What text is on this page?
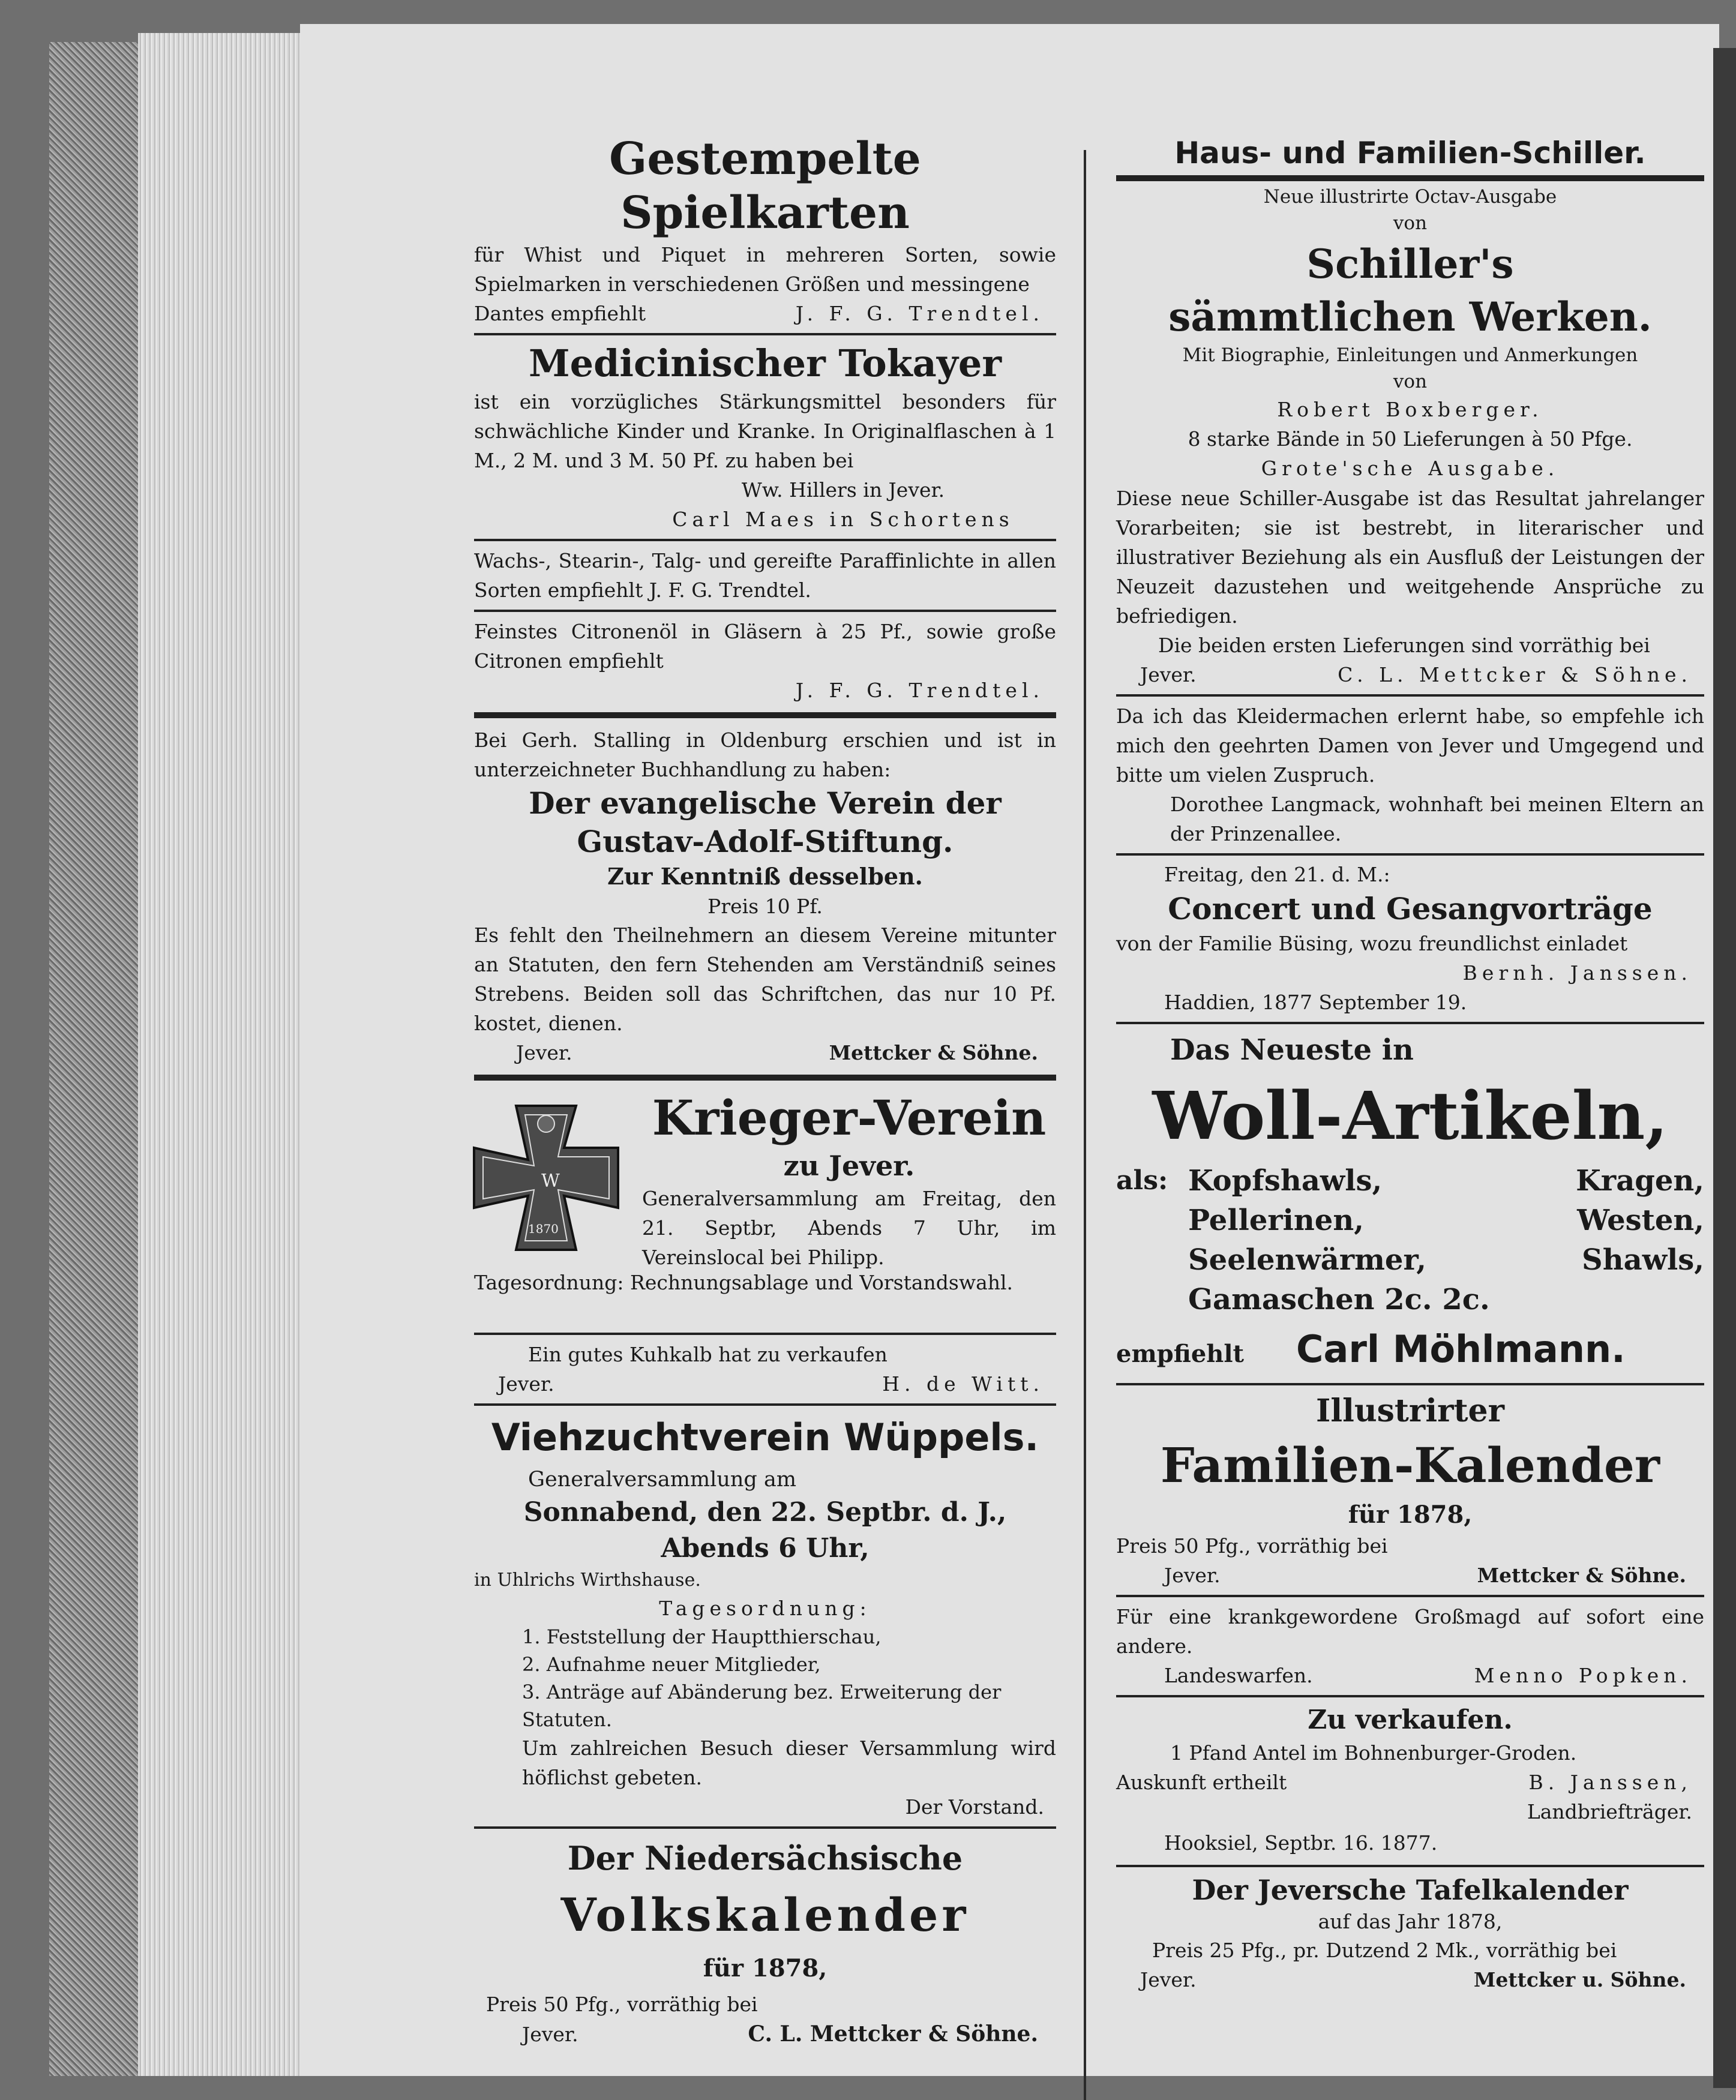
Gestempelte Spielkarten

für Whist und Piquet in mehreren Sorten, sowie Spielmarken in verschiedenen Größen und messingene

Dantes empfiehlt	J. F. G. Trendtel.
Medicinischer Tokayer

ist ein vorzügliches Stärkungsmittel besonders für schwächliche Kinder und Kranke. In Originalflaschen à 1 M., 2 M. und 3 M. 50 Pf. zu haben bei

Ww. Hillers in Jever.

Carl Maes in Schortens

Wachs-, Stearin-, Talg- und gereifte Paraffinlichte in allen Sorten empfiehlt J. F. G. Trendtel.

Feinstes Citronenöl in Gläsern à 25 Pf., sowie große Citronen empfiehlt

J. F. G. Trendtel.

Bei Gerh. Stalling in Oldenburg erschien und ist in unterzeichneter Buchhandlung zu haben:

Der evangelische Verein der
Gustav-Adolf-Stiftung.
Zur Kenntniß desselben.

Preis 10 Pf.

Es fehlt den Theilnehmern an diesem Vereine mitunter an Statuten, den fern Stehenden am Verständniß seines Strebens. Beiden soll das Schriftchen, das nur 10 Pf. kostet, dienen.

Jever.	Mettcker & Söhne.
W
1870
Krieger-Verein
zu Jever.

Generalversammlung am Freitag, den 21. Septbr, Abends 7 Uhr, im Vereinslocal bei Philipp.

Tagesordnung: Rechnungsablage und Vorstandswahl.

Ein gutes Kuhkalb hat zu verkaufen

Jever.	H. de Witt.
Viehzuchtverein Wüppels.

Generalversammlung am

Sonnabend, den 22. Septbr. d. J.,

Abends 6 Uhr,

in Uhlrichs Wirthshause.

Tagesordnung:

1. Feststellung der Hauptthierschau,

2. Aufnahme neuer Mitglieder,

3. Anträge auf Abänderung bez. Erweiterung der Statuten.

Um zahlreichen Besuch dieser Versammlung wird höflichst gebeten.

Der Vorstand.

Der Niedersächsische
Volkskalender
für 1878,

Preis 50 Pfg., vorräthig bei

Jever.	C. L. Mettcker & Söhne.
Haus- und Familien-Schiller.

Neue illustrirte Octav-Ausgabe

von

Schiller's
sämmtlichen Werken.

Mit Biographie, Einleitungen und Anmerkungen

von

Robert Boxberger.

8 starke Bände in 50 Lieferungen à 50 Pfge.

Grote'sche Ausgabe.

Diese neue Schiller-Ausgabe ist das Resultat jahrelanger Vorarbeiten; sie ist bestrebt, in literarischer und illustrativer Beziehung als ein Ausfluß der Leistungen der Neuzeit dazustehen und weitgehende Ansprüche zu befriedigen.

Die beiden ersten Lieferungen sind vorräthig bei

Jever.	C. L. Mettcker & Söhne.

Da ich das Kleidermachen erlernt habe, so empfehle ich mich den geehrten Damen von Jever und Umgegend und bitte um vielen Zuspruch.

Dorothee Langmack, wohnhaft bei meinen Eltern an der Prinzenallee.

Freitag, den 21. d. M.:

Concert und Gesangvorträge

von der Familie Büsing, wozu freundlichst einladet

Bernh. Janssen.

Haddien, 1877 September 19.

Das Neueste in
Woll-Artikeln,
als: Kopfshawls, Kragen, Pellerinen, Westen, Seelenwärmer, Shawls, Gamaschen 2c. 2c.
empfiehlt	Carl Möhlmann.
Illustrirter
Familien-Kalender
für 1878,

Preis 50 Pfg., vorräthig bei

Jever.	Mettcker & Söhne.

Für eine krankgewordene Großmagd auf sofort eine andere.

Landeswarfen.	Menno Popken.
Zu verkaufen.

1 Pfand Antel im Bohnenburger-Groden.

Auskunft ertheilt	B. Janssen,

Landbriefträger.

Hooksiel, Septbr. 16. 1877.

Der Jeversche Tafelkalender

auf das Jahr 1878,

Preis 25 Pfg., pr. Dutzend 2 Mk., vorräthig bei

Jever.	Mettcker u. Söhne.
